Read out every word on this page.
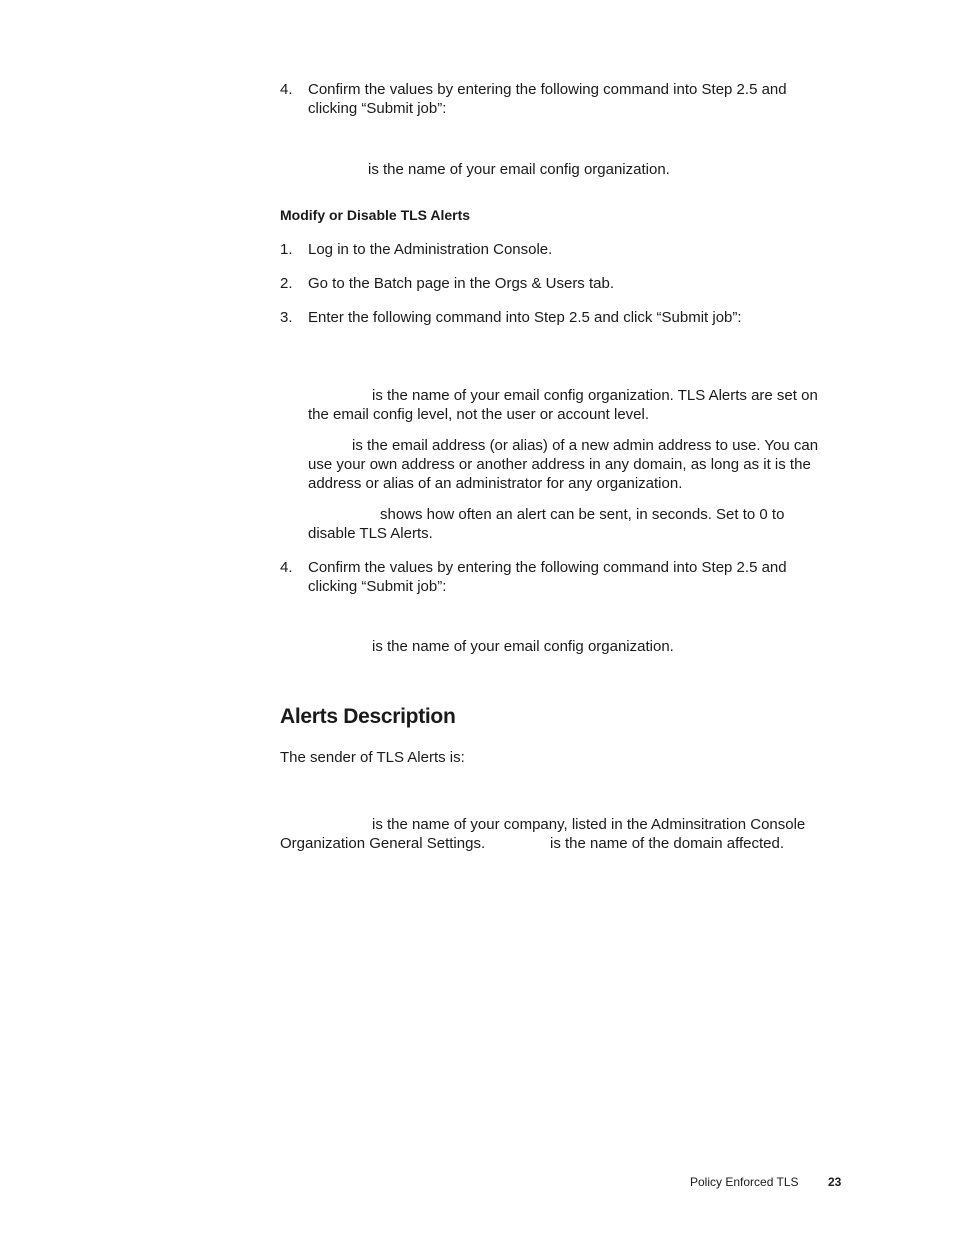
4. Confirm the values by entering the following command into Step 2.5 and
clicking “Submit job”:
is the name of your email config organization.
Modify or Disable TLS Alerts
1. Log in to the Administration Console.
2. Go to the Batch page in the Orgs & Users tab.
3. Enter the following command into Step 2.5 and click “Submit job”:
is the name of your email config organization. TLS Alerts are set on
the email config level, not the user or account level.
is the email address (or alias) of a new admin address to use. You can
use your own address or another address in any domain, as long as it is the
address or alias of an administrator for any organization.
shows how often an alert can be sent, in seconds. Set to 0 to
disable TLS Alerts.
4. Confirm the values by entering the following command into Step 2.5 and
clicking “Submit job”:
is the name of your email config organization.
Alerts Description
The sender of TLS Alerts is:
is the name of your company, listed in the Adminsitration Console
Organization General Settings.	is the name of the domain affected.
Policy Enforced TLS 23
